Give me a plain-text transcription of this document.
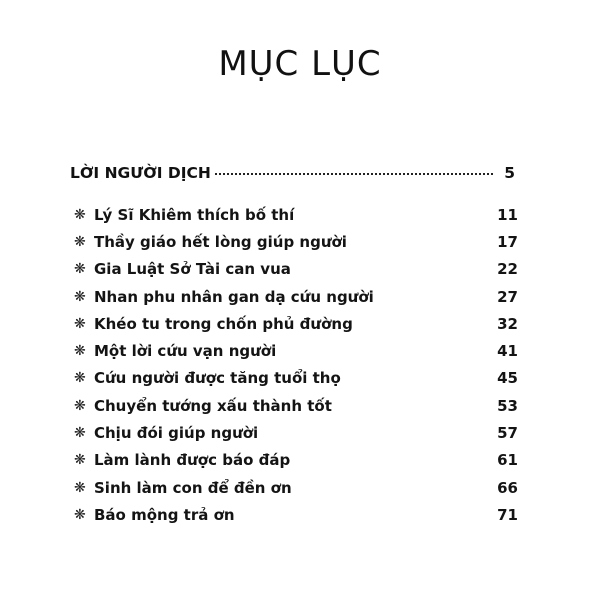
MỤC LỤC
LỜI NGƯỜI DỊCH	5
❋ Lý Sĩ Khiêm thích bố thí	11
❋ Thầy giáo hết lòng giúp người	17
❋ Gia Luật Sở Tài can vua	22
❋ Nhan phu nhân gan dạ cứu người	27
❋ Khéo tu trong chốn phủ đường	32
❋ Một lời cứu vạn người	41
❋ Cứu người được tăng tuổi thọ	45
❋ Chuyển tướng xấu thành tốt	53
❋ Chịu đói giúp người	57
❋ Làm lành được báo đáp	61
❋ Sinh làm con để đền ơn	66
❋ Báo mộng trả ơn	71
